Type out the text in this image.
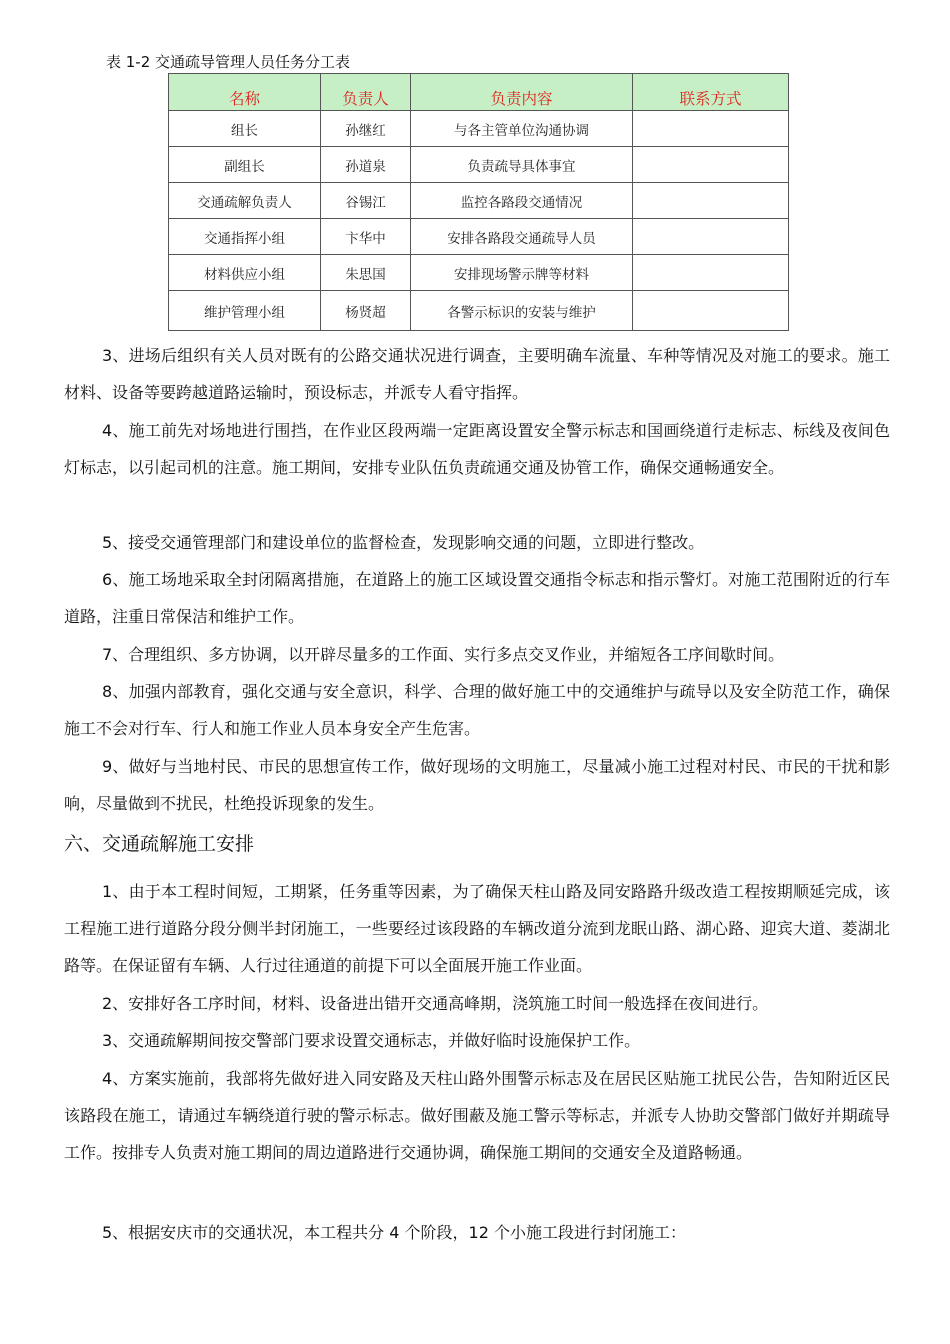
表 1-2 交通疏导管理人员任务分工表
名称	负责人	负责内容	联系方式
组长	孙继红	与各主管单位沟通协调	
副组长	孙道泉	负责疏导具体事宜	
交通疏解负责人	谷锡江	监控各路段交通情况	
交通指挥小组	卞华中	安排各路段交通疏导人员	
材料供应小组	朱思国	安排现场警示牌等材料	
维护管理小组	杨贤超	各警示标识的安装与维护	

3、进场后组织有关人员对既有的公路交通状况进行调查，主要明确车流量、车种等情况及对施工的要求。施工材料、设备等要跨越道路运输时，预设标志，并派专人看守指挥。

4、施工前先对场地进行围挡，在作业区段两端一定距离设置安全警示标志和国画绕道行走标志、标线及夜间色灯标志，以引起司机的注意。施工期间，安排专业队伍负责疏通交通及协管工作，确保交通畅通安全。

5、接受交通管理部门和建设单位的监督检查，发现影响交通的问题，立即进行整改。

6、施工场地采取全封闭隔离措施，在道路上的施工区域设置交通指令标志和指示警灯。对施工范围附近的行车道路，注重日常保洁和维护工作。

7、合理组织、多方协调，以开辟尽量多的工作面、实行多点交叉作业，并缩短各工序间歇时间。

8、加强内部教育，强化交通与安全意识，科学、合理的做好施工中的交通维护与疏导以及安全防范工作，确保施工不会对行车、行人和施工作业人员本身安全产生危害。

9、做好与当地村民、市民的思想宣传工作，做好现场的文明施工，尽量减小施工过程对村民、市民的干扰和影响，尽量做到不扰民，杜绝投诉现象的发生。

六、交通疏解施工安排

1、由于本工程时间短，工期紧，任务重等因素，为了确保天柱山路及同安路路升级改造工程按期顺延完成，该工程施工进行道路分段分侧半封闭施工，一些要经过该段路的车辆改道分流到龙眠山路、湖心路、迎宾大道、菱湖北路等。在保证留有车辆、人行过往通道的前提下可以全面展开施工作业面。

2、安排好各工序时间，材料、设备进出错开交通高峰期，浇筑施工时间一般选择在夜间进行。

3、交通疏解期间按交警部门要求设置交通标志，并做好临时设施保护工作。

4、方案实施前，我部将先做好进入同安路及天柱山路外围警示标志及在居民区贴施工扰民公告，告知附近区民该路段在施工，请通过车辆绕道行驶的警示标志。做好围蔽及施工警示等标志，并派专人协助交警部门做好并期疏导工作。按排专人负责对施工期间的周边道路进行交通协调，确保施工期间的交通安全及道路畅通。

5、根据安庆市的交通状况，本工程共分 4 个阶段，12 个小施工段进行封闭施工：
